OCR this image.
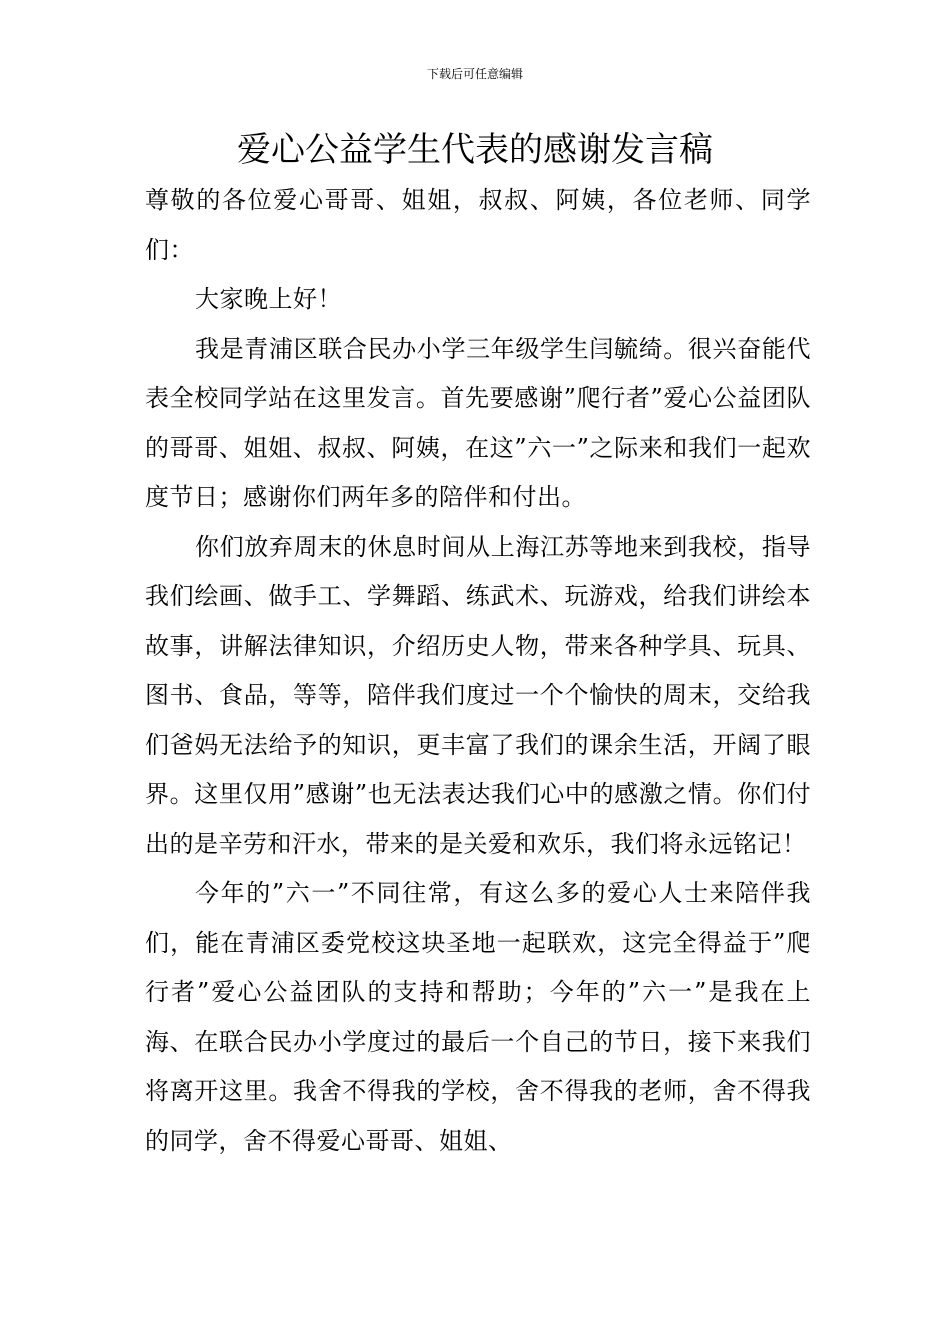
下载后可任意编辑
爱心公益学生代表的感谢发言稿

尊敬的各位爱心哥哥、姐姐，叔叔、阿姨，各位老师、同学们：

大家晚上好！

我是青浦区联合民办小学三年级学生闫毓绮。很兴奋能代表全校同学站在这里发言。首先要感谢”爬行者”爱心公益团队的哥哥、姐姐、叔叔、阿姨，在这”六一”之际来和我们一起欢度节日；感谢你们两年多的陪伴和付出。

你们放弃周末的休息时间从上海江苏等地来到我校，指导我们绘画、做手工、学舞蹈、练武术、玩游戏，给我们讲绘本故事，讲解法律知识，介绍历史人物，带来各种学具、玩具、图书、食品，等等，陪伴我们度过一个个愉快的周末，交给我们爸妈无法给予的知识，更丰富了我们的课余生活，开阔了眼界。这里仅用”感谢”也无法表达我们心中的感激之情。你们付出的是辛劳和汗水，带来的是关爱和欢乐，我们将永远铭记！

今年的”六一”不同往常，有这么多的爱心人士来陪伴我们，能在青浦区委党校这块圣地一起联欢，这完全得益于”爬行者”爱心公益团队的支持和帮助；今年的”六一”是我在上海、在联合民办小学度过的最后一个自己的节日，接下来我们将离开这里。我舍不得我的学校，舍不得我的老师，舍不得我的同学，舍不得爱心哥哥、姐姐、
